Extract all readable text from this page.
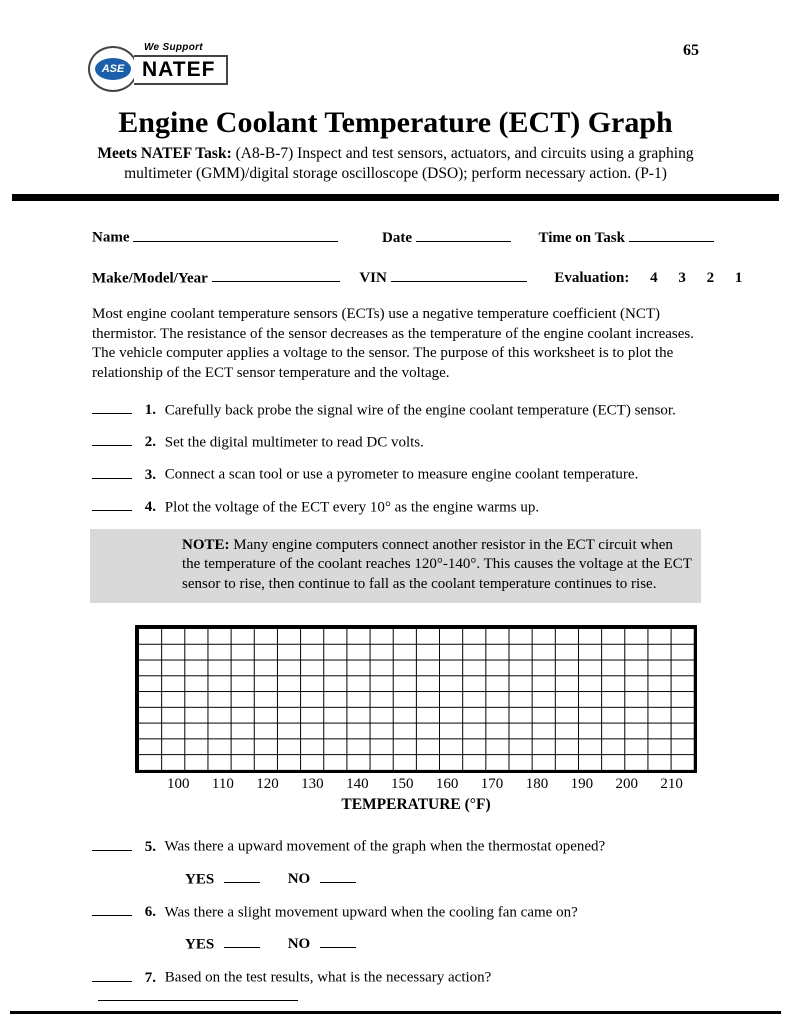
65
ASE
We Support
NATEF
Engine Coolant Temperature (ECT) Graph

Meets NATEF Task: (A8-B-7) Inspect and test sensors, actuators, and circuits using a graphing multimeter (GMM)/digital storage oscilloscope (DSO); perform necessary action. (P-1)

Name	Date	Time on Task
Make/Model/Year	VIN	Evaluation: 4 3 2 1

Most engine coolant temperature sensors (ECTs) use a negative temperature coefficient (NCT) thermistor. The resistance of the sensor decreases as the temperature of the engine coolant increases. The vehicle computer applies a voltage to the sensor. The purpose of this worksheet is to plot the relationship of the ECT sensor temperature and the voltage.

1. Carefully back probe the signal wire of the engine coolant temperature (ECT) sensor.
2. Set the digital multimeter to read DC volts.
3. Connect a scan tool or use a pyrometer to measure engine coolant temperature.
4. Plot the voltage of the ECT every 10° as the engine warms up.
NOTE: Many engine computers connect another resistor in the ECT circuit when the temperature of the coolant reaches 120°-140°. This causes the voltage at the ECT sensor to rise, then continue to fall as the coolant temperature continues to rise.
100 110 120 130 140 150 160 170 180 190 200 210
TEMPERATURE (°F)
5. Was there a upward movement of the graph when the thermostat opened?
YES	NO
6. Was there a slight movement upward when the cooling fan came on?
YES	NO
7. Based on the test results, what is the necessary action?
